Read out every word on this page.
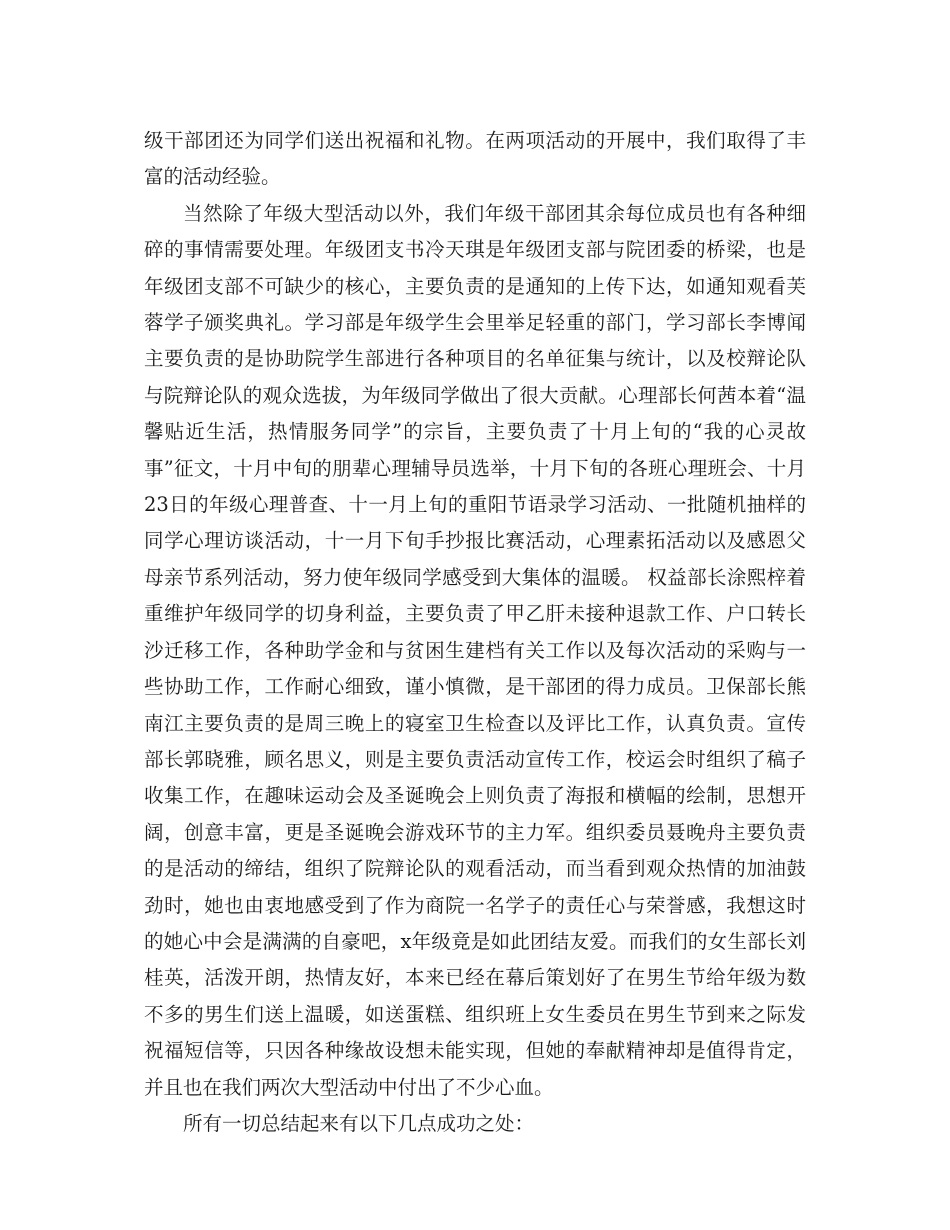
级干部团还为同学们送出祝福和礼物。在两项活动的开展中，我们取得了丰富的活动经验。

当然除了年级大型活动以外，我们年级干部团其余每位成员也有各种细碎的事情需要处理。年级团支书冷天琪是年级团支部与院团委的桥梁，也是年级团支部不可缺少的核心，主要负责的是通知的上传下达，如通知观看芙蓉学子颁奖典礼。学习部是年级学生会里举足轻重的部门，学习部长李博闻主要负责的是协助院学生部进行各种项目的名单征集与统计，以及校辩论队与院辩论队的观众选拔，为年级同学做出了很大贡献。心理部长何茜本着“温馨贴近生活，热情服务同学”的宗旨，主要负责了十月上旬的“我的心灵故事”征文，十月中旬的朋辈心理辅导员选举，十月下旬的各班心理班会、十月23日的年级心理普查、十一月上旬的重阳节语录学习活动、一批随机抽样的同学心理访谈活动，十一月下旬手抄报比赛活动，心理素拓活动以及感恩父母亲节系列活动，努力使年级同学感受到大集体的温暖。 权益部长涂熙梓着重维护年级同学的切身利益，主要负责了甲乙肝未接种退款工作、户口转长沙迁移工作，各种助学金和与贫困生建档有关工作以及每次活动的采购与一些协助工作，工作耐心细致，谨小慎微，是干部团的得力成员。卫保部长熊南江主要负责的是周三晚上的寝室卫生检查以及评比工作，认真负责。宣传部长郭晓雅，顾名思义，则是主要负责活动宣传工作，校运会时组织了稿子收集工作，在趣味运动会及圣诞晚会上则负责了海报和横幅的绘制，思想开阔，创意丰富，更是圣诞晚会游戏环节的主力军。组织委员聂晚舟主要负责的是活动的缔结，组织了院辩论队的观看活动，而当看到观众热情的加油鼓劲时，她也由衷地感受到了作为商院一名学子的责任心与荣誉感，我想这时的她心中会是满满的自豪吧，x年级竟是如此团结友爱。而我们的女生部长刘桂英，活泼开朗，热情友好，本来已经在幕后策划好了在男生节给年级为数不多的男生们送上温暖，如送蛋糕、组织班上女生委员在男生节到来之际发祝福短信等，只因各种缘故设想未能实现，但她的奉献精神却是值得肯定，并且也在我们两次大型活动中付出了不少心血。

所有一切总结起来有以下几点成功之处：
